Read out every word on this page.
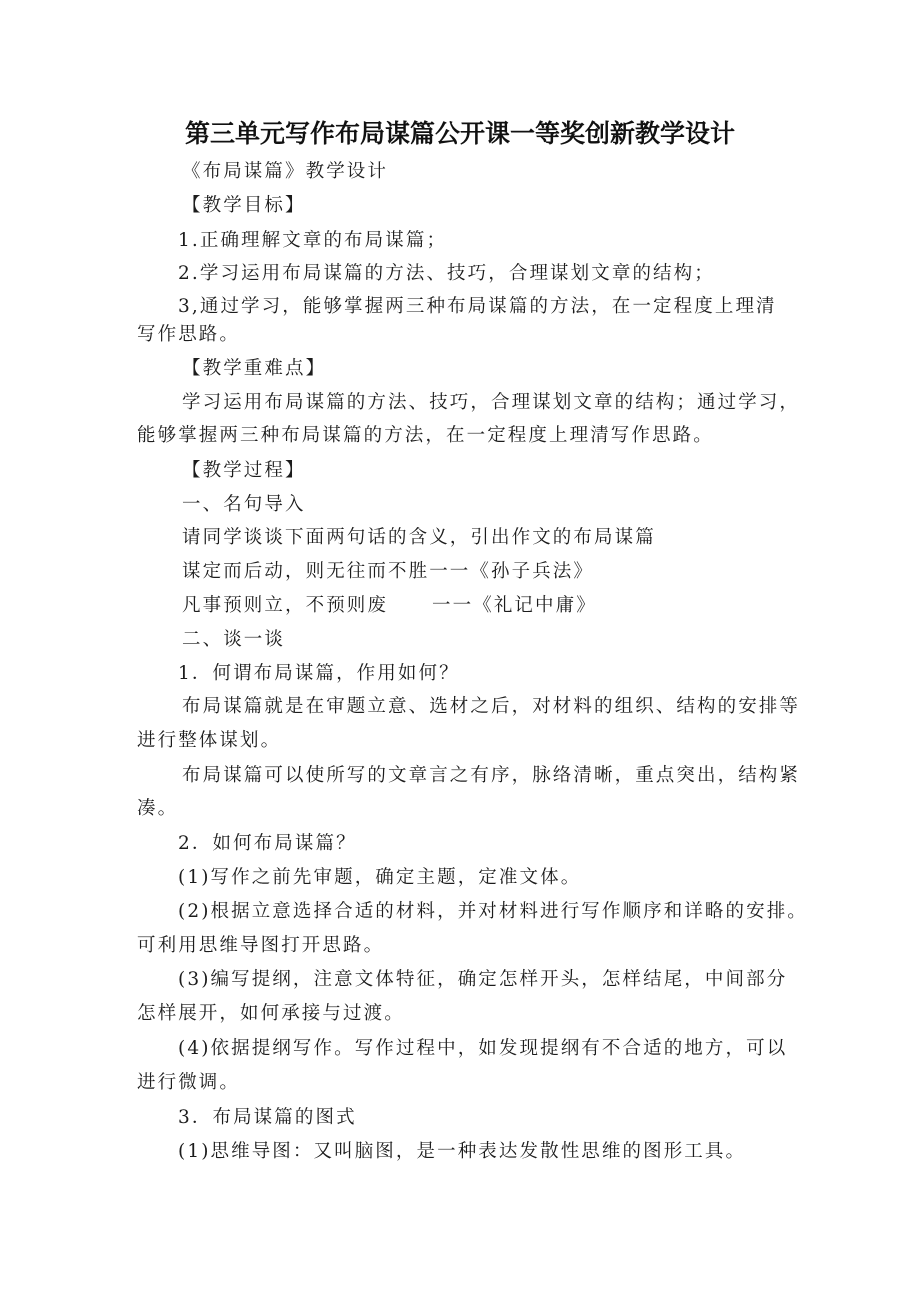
第三单元写作布局谋篇公开课一等奖创新教学设计
《布局谋篇》教学设计
【教学目标】
1.正确理解文章的布局谋篇；
2.学习运用布局谋篇的方法、技巧，合理谋划文章的结构；
3,通过学习，能够掌握两三种布局谋篇的方法，在一定程度上理清
写作思路。
【教学重难点】
学习运用布局谋篇的方法、技巧，合理谋划文章的结构；通过学习，
能够掌握两三种布局谋篇的方法，在一定程度上理清写作思路。
【教学过程】
一、名句导入
请同学谈谈下面两句话的含义，引出作文的布局谋篇
谋定而后动，则无往而不胜一一《孙子兵法》
凡事预则立，不预则废 一一《礼记中庸》
二、谈一谈
1．何谓布局谋篇，作用如何？
布局谋篇就是在审题立意、选材之后，对材料的组织、结构的安排等
进行整体谋划。
布局谋篇可以使所写的文章言之有序，脉络清晰，重点突出，结构紧
凑。
2．如何布局谋篇？
(1)写作之前先审题，确定主题，定准文体。
(2)根据立意选择合适的材料，并对材料进行写作顺序和详略的安排。
可利用思维导图打开思路。
(3)编写提纲，注意文体特征，确定怎样开头，怎样结尾，中间部分
怎样展开，如何承接与过渡。
(4)依据提纲写作。写作过程中，如发现提纲有不合适的地方，可以
进行微调。
3．布局谋篇的图式
(1)思维导图：又叫脑图，是一种表达发散性思维的图形工具。
